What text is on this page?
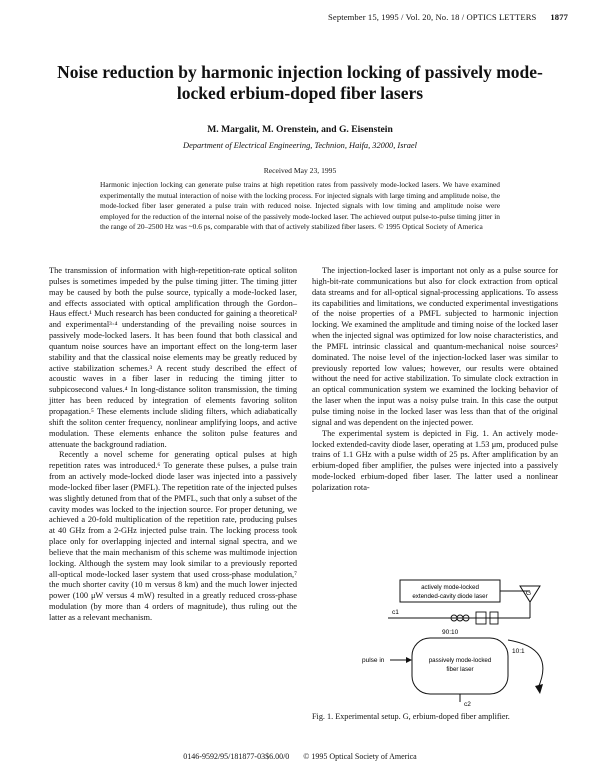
September 15, 1995 / Vol. 20, No. 18 / OPTICS LETTERS 1877
Noise reduction by harmonic injection locking of passively mode-locked erbium-doped fiber lasers
M. Margalit, M. Orenstein, and G. Eisenstein
Department of Electrical Engineering, Technion, Haifa, 32000, Israel
Received May 23, 1995
Harmonic injection locking can generate pulse trains at high repetition rates from passively mode-locked lasers. We have examined experimentally the mutual interaction of noise with the locking process. For injected signals with large timing and amplitude noise, the mode-locked fiber laser generated a pulse train with reduced noise. Injected signals with low timing and amplitude noise were employed for the reduction of the internal noise of the passively mode-locked laser. The achieved output pulse-to-pulse timing jitter in the range of 20–2500 Hz was ~0.6 ps, comparable with that of actively stabilized fiber lasers. © 1995 Optical Society of America

The transmission of information with high-repetition-rate optical soliton pulses is sometimes impeded by the pulse timing jitter. The timing jitter may be caused by both the pulse source, typically a mode-locked laser, and effects associated with optical amplification through the Gordon–Haus effect.¹ Much research has been conducted for gaining a theoretical² and experimental³·⁴ understanding of the prevailing noise sources in passively mode-locked lasers. It has been found that both classical and quantum noise sources have an important effect on the long-term laser stability and that the classical noise elements may be greatly reduced by active stabilization schemes.³ A recent study described the effect of acoustic waves in a fiber laser in reducing the timing jitter to subpicosecond values.⁴ In long-distance soliton transmission, the timing jitter has been reduced by integration of elements favoring soliton propagation.⁵ These elements include sliding filters, which adiabatically shift the soliton center frequency, nonlinear amplifying loops, and active modulation. These elements enhance the soliton pulse features and attenuate the background radiation.

Recently a novel scheme for generating optical pulses at high repetition rates was introduced.⁶ To generate these pulses, a pulse train from an actively mode-locked diode laser was injected into a passively mode-locked fiber laser (PMFL). The repetition rate of the injected pulses was slightly detuned from that of the PMFL, such that only a subset of the cavity modes was locked to the injection source. For proper detuning, we achieved a 20-fold multiplication of the repetition rate, producing pulses at 40 GHz from a 2-GHz injected pulse train. The locking process took place only for overlapping injected and internal signal spectra, and we believe that the main mechanism of this scheme was multimode injection locking. Although the system may look similar to a previously reported all-optical mode-locked laser system that used cross-phase modulation,⁷ the much shorter cavity (10 m versus 8 km) and the much lower injected power (100 μW versus 4 mW) resulted in a greatly reduced cross-phase modulation (by more than 4 orders of magnitude), thus ruling out the latter as a relevant mechanism.

The injection-locked laser is important not only as a pulse source for high-bit-rate communications but also for clock extraction from optical data streams and for all-optical signal-processing applications. To assess its capabilities and limitations, we conducted experimental investigations of the noise properties of a PMFL subjected to harmonic injection locking. We examined the amplitude and timing noise of the locked laser when the injected signal was optimized for low noise characteristics, and the PMFL intrinsic classical and quantum-mechanical noise sources² dominated. The noise level of the injection-locked laser was similar to previously reported low values; however, our results were obtained without the need for active stabilization. To simulate clock extraction in an optical communication system we examined the locking behavior of the laser when the input was a noisy pulse train. In this case the output pulse timing noise in the locked laser was less than that of the original signal and was dependent on the injected power.

The experimental system is depicted in Fig. 1. An actively mode-locked extended-cavity diode laser, operating at 1.53 μm, produced pulse trains of 1.1 GHz with a pulse width of 25 ps. After amplification by an erbium-doped fiber amplifier, the pulses were injected into a passively mode-locked erbium-doped fiber laser. The latter used a nonlinear polarization rota-

actively mode-locked
extended-cavity diode laser	G
c1
90:10
pulse in	passively mode-locked
fiber laser
10:1
c2
Fig. 1. Experimental setup. G, erbium-doped fiber amplifier.
0146-9592/95/181877-03$6.00/0 © 1995 Optical Society of America
